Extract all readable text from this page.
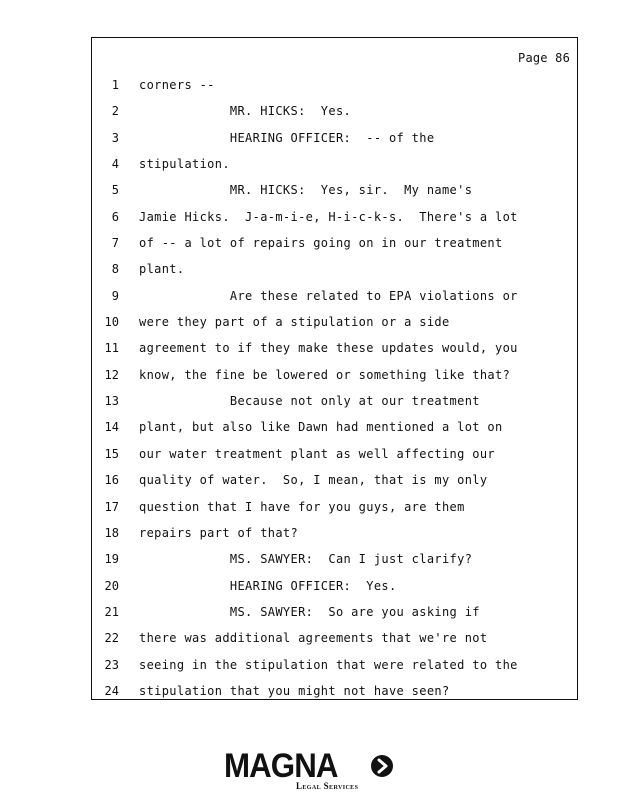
Page 86
1 corners --
2 MR. HICKS:  Yes.
3 HEARING OFFICER:  -- of the
4 stipulation.
5 MR. HICKS:  Yes, sir.  My name's
6 Jamie Hicks.  J-a-m-i-e, H-i-c-k-s.  There's a lot
7 of -- a lot of repairs going on in our treatment
8 plant.
9 Are these related to EPA violations or
10 were they part of a stipulation or a side
11 agreement to if they make these updates would, you
12 know, the fine be lowered or something like that?
13 Because not only at our treatment
14 plant, but also like Dawn had mentioned a lot on
15 our water treatment plant as well affecting our
16 quality of water.  So, I mean, that is my only
17 question that I have for you guys, are them
18 repairs part of that?
19 MS. SAWYER:  Can I just clarify?
20 HEARING OFFICER:  Yes.
21 MS. SAWYER:  So are you asking if
22 there was additional agreements that we're not
23 seeing in the stipulation that were related to the
24 stipulation that you might not have seen?
MAGNA
Legal Services
